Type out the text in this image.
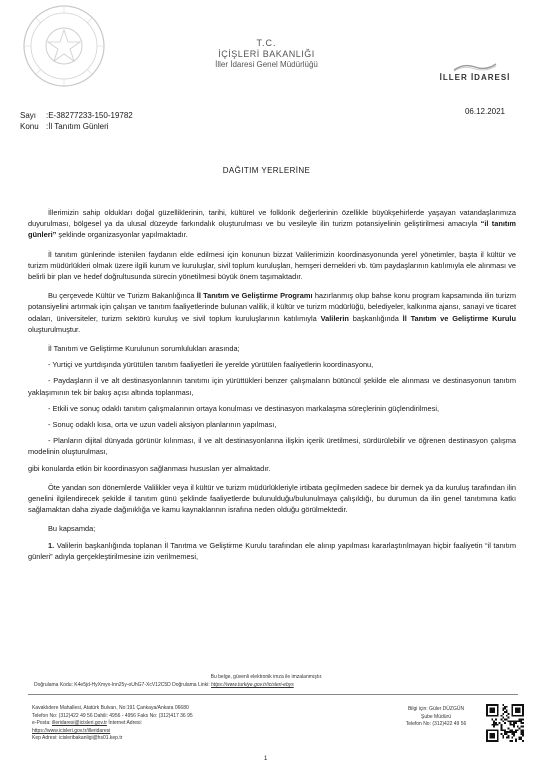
T.C.
İÇİŞLERİ BAKANLIĞI
İller İdaresi Genel Müdürlüğü
İLLER İDARESİ
Sayı :E-38277233-150-19782
Konu :İl Tanıtım Günleri
06.12.2021
DAĞITIM YERLERİNE

İllerimizin sahip oldukları doğal güzelliklerinin, tarihi, kültürel ve folklorik değerlerinin özellikle büyükşehirlerde yaşayan vatandaşlarımıza duyurulması, bölgesel ya da ulusal düzeyde farkındalık oluşturulması ve bu vesileyle ilin turizm potansiyelinin geliştirilmesi amacıyla “il tanıtım günleri” şeklinde organizasyonlar yapılmaktadır.

İl tanıtım günlerinde istenilen faydanın elde edilmesi için konunun bizzat Valilerimizin koordinasyonunda yerel yönetimler, başta il kültür ve turizm müdürlükleri olmak üzere ilgili kurum ve kuruluşlar, sivil toplum kuruluşları, hemşeri dernekleri vb. tüm paydaşlarının katılımıyla ele alınması ve belirli bir plan ve hedef doğrultusunda sürecin yönetilmesi büyük önem taşımaktadır.

Bu çerçevede Kültür ve Turizm Bakanlığınca İl Tanıtım ve Geliştirme Programı hazırlanmış olup bahse konu program kapsamında ilin turizm potansiyelini artırmak için çalışan ve tanıtım faaliyetlerinde bulunan valilik, il kültür ve turizm müdürlüğü, belediyeler, kalkınma ajansı, sanayi ve ticaret odaları, üniversiteler, turizm sektörü kuruluş ve sivil toplum kuruluşlarının katılımıyla Valilerin başkanlığında İl Tanıtım ve Geliştirme Kurulu oluşturulmuştur.

İl Tanıtım ve Geliştirme Kurulunun sorumlulukları arasında;

- Yurtiçi ve yurtdışında yürütülen tanıtım faaliyetleri ile yerelde yürütülen faaliyetlerin koordinasyonu,

- Paydaşların il ve alt destinasyonlarının tanıtımı için yürüttükleri benzer çalışmaların bütüncül şekilde ele alınması ve destinasyonun tanıtım yaklaşımının tek bir bakış açısı altında toplanması,

- Etkili ve sonuç odaklı tanıtım çalışmalarının ortaya konulması ve destinasyon markalaşma süreçlerinin güçlendirilmesi,

- Sonuç odaklı kısa, orta ve uzun vadeli aksiyon planlarının yapılması,

- Planların dijital dünyada görünür kılınması, il ve alt destinasyonlarına ilişkin içerik üretilmesi, sürdürülebilir ve öğrenen destinasyon çalışma modelinin oluşturulması,

gibi konularda etkin bir koordinasyon sağlanması hususları yer almaktadır.

Öte yandan son dönemlerde Valilikler veya il kültür ve turizm müdürlükleriyle irtibata geçilmeden sadece bir dernek ya da kuruluş tarafından ilin genelini ilgilendirecek şekilde il tanıtım günü şeklinde faaliyetlerde bulunulduğu/bulunulmaya çalışıldığı, bu durumun da ilin genel tanıtımına katkı sağlamaktan daha ziyade dağınıklığa ve kamu kaynaklarının israfına neden olduğu görülmektedir.

Bu kapsamda;

1. Valilerin başkanlığında toplanan İl Tanıtma ve Geliştirme Kurulu tarafından ele alınıp yapılması kararlaştırılmayan hiçbir faaliyetin “il tanıtım günleri” adıyla gerçekleştirilmesine izin verilmemesi,

Bu belge, güvenli elektronik imza ile imzalanmıştır.
Doğrulama Kodu: K4e5jd-HyXmyx-Inn25y-oUhG7-XcV12C5D Doğrulama Linki: https://www.turkiye.gov.tr/icisleri-ebys
Kavaklıdere Mahallesi, Atatürk Bulvarı, No:191 Çankaya/Ankara 06680
Telefon No: (312)422 49 56 Dahili: 4956 - 4956 Faks No: (312)417 36 95
e-Posta: illeridaresi@icisleri.gov.tr İnternet Adresi:
https://www.icisleri.gov.tr/illeridaresi
Kep Adresi: icisleribakanligi@hs01.kep.tr
1
Bilgi için: Güler DÜZGÜN
Şube Müdürü
Telefon No: (312)422 49 56
